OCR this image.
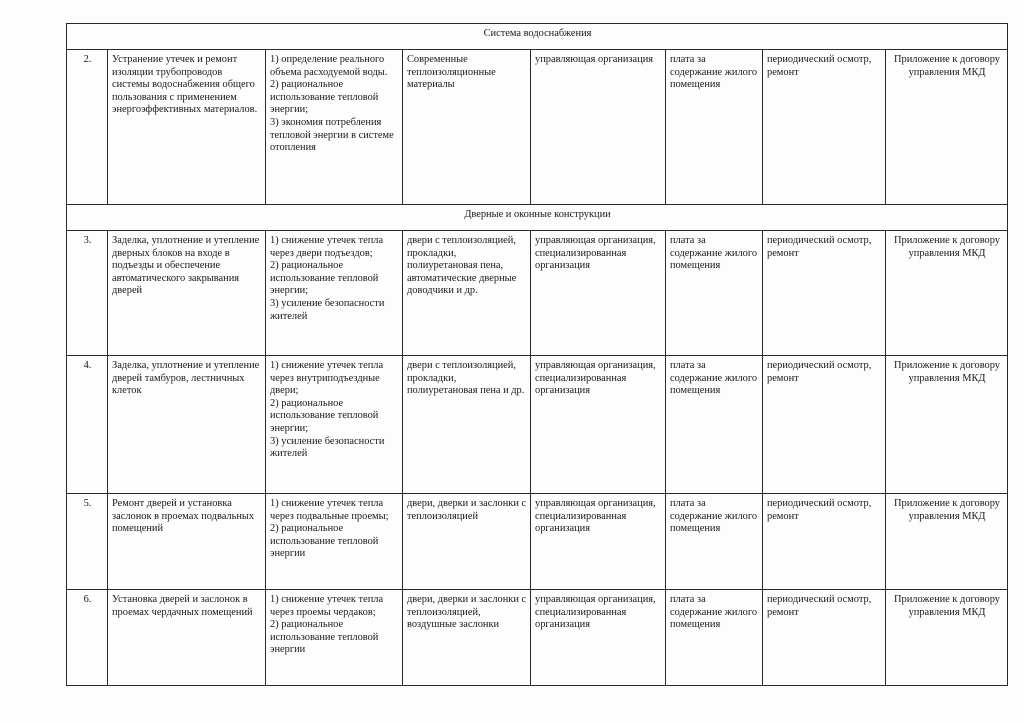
Система водоснабжения							
2.	Устранение утечек и ремонт изоляции трубопроводов системы водоснабжения общего пользования с применением энергоэффективных материалов.	1) определение реального объема расходуемой воды.
2) рациональное использование тепловой энергии;
3) экономия потребления тепловой энергии в системе отопления	Современные теплоизоляционные материалы	управляющая организация	плата за содержание жилого помещения	периодический осмотр, ремонт	Приложение к договору управления МКД
Дверные и оконные конструкции							
3.	Заделка, уплотнение и утепление дверных блоков на входе в подъезды и обеспечение автоматического закрывания дверей	1) снижение утечек тепла через двери подъездов;
2) рациональное использование тепловой энергии;
3) усиление безопасности жителей	двери с теплоизоляцией, прокладки, полиуретановая пена, автоматические дверные доводчики и др.	управляющая организация, специализированная организация	плата за содержание жилого помещения	периодический осмотр, ремонт	Приложение к договору управления МКД
4.	Заделка, уплотнение и утепление дверей тамбуров, лестничных клеток	1) снижение утечек тепла через внутриподъездные двери;
2) рациональное использование тепловой энергии;
3) усиление безопасности жителей	двери с теплоизоляцией, прокладки, полиуретановая пена и др.	управляющая организация, специализированная организация	плата за содержание жилого помещения	периодический осмотр, ремонт	Приложение к договору управления МКД
5.	Ремонт дверей и установка заслонок в проемах подвальных помещений	1) снижение утечек тепла через подвальные проемы;
2) рациональное использование тепловой энергии	двери, дверки и заслонки с теплоизоляцией	управляющая организация, специализированная организация	плата за содержание жилого помещения	периодический осмотр, ремонт	Приложение к договору управления МКД
6.	Установка дверей и заслонок в проемах чердачных помещений	1) снижение утечек тепла через проемы чердаков;
2) рациональное использование тепловой энергии	двери, дверки и заслонки с теплоизоляцией, воздушные заслонки	управляющая организация, специализированная организация	плата за содержание жилого помещения	периодический осмотр, ремонт	Приложение к договору управления МКД
